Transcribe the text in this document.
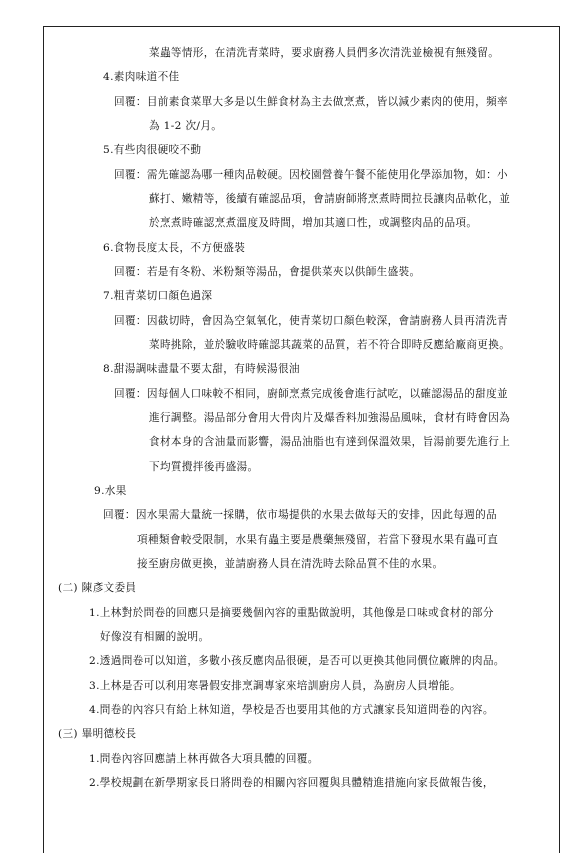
菜蟲等情形，在清洗青菜時，要求廚務人員們多次清洗並檢視有無殘留。
4.素肉味道不佳
回覆：目前素食菜單大多是以生鮮食材為主去做烹煮，皆以減少素肉的使用，頻率
為 1-2 次/月。
5.有些肉很硬咬不動
回覆：需先確認為哪一種肉品較硬。因校園營養午餐不能使用化學添加物，如：小
蘇打、嫩精等，後續有確認品項，會請廚師將烹煮時間拉長讓肉品軟化，並
於烹煮時確認烹煮溫度及時間，增加其適口性，或調整肉品的品項。
6.食物長度太長，不方便盛裝
回覆：若是有冬粉、米粉類等湯品，會提供菜夾以供師生盛裝。
7.粗青菜切口顏色過深
回覆：因截切時，會因為空氣氧化，使青菜切口顏色較深，會請廚務人員再清洗青
菜時挑除，並於驗收時確認其蔬菜的品質，若不符合即時反應給廠商更換。
8.甜湯調味盡量不要太甜，有時候湯很油
回覆：因每個人口味較不相同，廚師烹煮完成後會進行試吃，以確認湯品的甜度並
進行調整。湯品部分會用大骨肉片及爆香料加強湯品風味，食材有時會因為
食材本身的含油量而影響，湯品油脂也有達到保溫效果，旨湯前要先進行上
下均質攪拌後再盛湯。
9.水果
回覆：因水果需大量統一採購，依市場提供的水果去做每天的安排，因此每週的品
項種類會較受限制，水果有蟲主要是農藥無殘留，若當下發現水果有蟲可直
接至廚房做更換，並請廚務人員在清洗時去除品質不佳的水果。
(二) 陳彥文委員
1.上林對於問卷的回應只是摘要幾個內容的重點做說明，其他像是口味或食材的部分
好像沒有相關的說明。
2.透過問卷可以知道，多數小孩反應肉品很硬，是否可以更換其他同價位廠牌的肉品。
3.上林是否可以利用寒暑假安排烹調專家來培訓廚房人員，為廚房人員增能。
4.問卷的內容只有給上林知道，學校是否也要用其他的方式讓家長知道問卷的內容。
(三) 畢明德校長
1.問卷內容回應請上林再做各大項具體的回覆。
2.學校規劃在新學期家長日將問卷的相關內容回覆與具體精進措施向家長做報告後，
